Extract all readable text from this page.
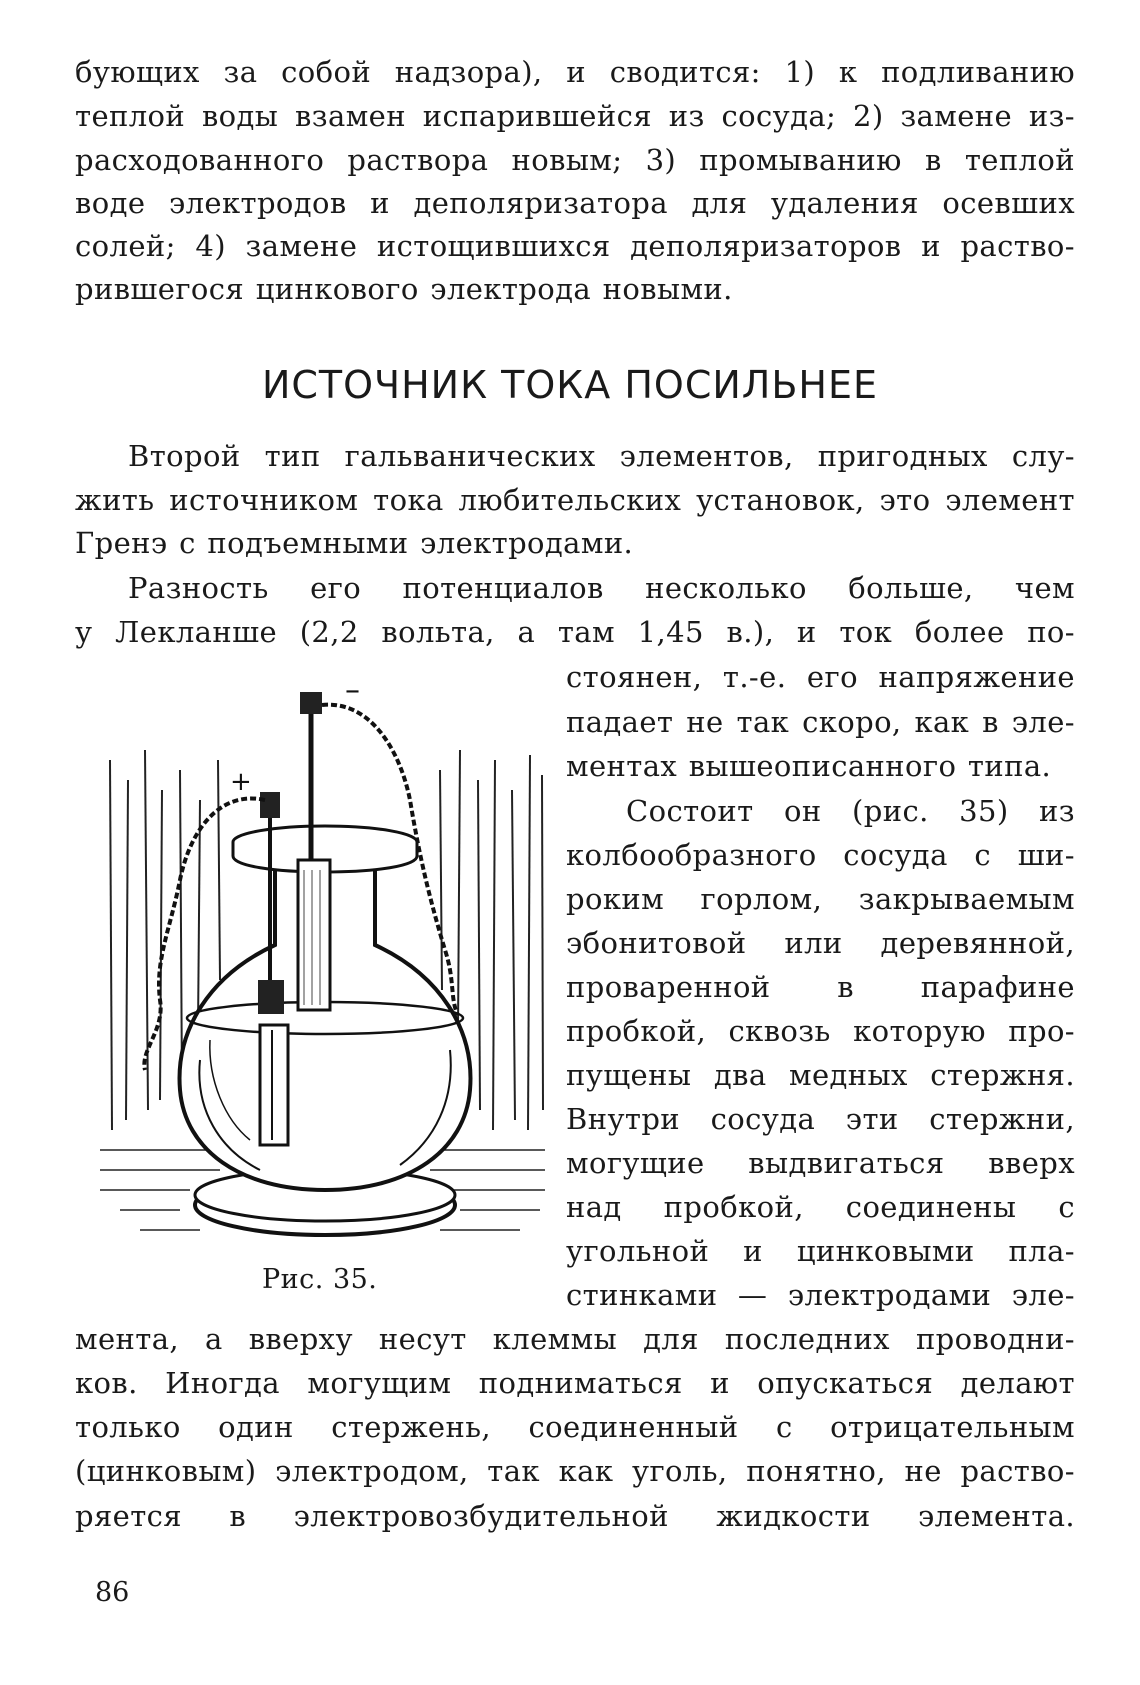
бующих за собой надзора), и сводится: 1) к подливанию
теплой воды взамен испарившейся из сосуда; 2) замене из-
расходованного раствора новым; 3) промыванию в теплой
воде электродов и деполяризатора для удаления осевших
солей; 4) замене истощившихся деполяризаторов и раство-
рившегося цинкового электрода новыми.
ИСТОЧНИК ТОКА ПОСИЛЬНЕЕ
Второй тип гальванических элементов, пригодных слу-
жить источником тока любительских установок, это элемент
Гренэ с подъемными электродами.
Разность его потенциалов несколько больше, чем
у Лекланше (2,2 вольта, а там 1,45 в.), и ток более по-
стоянен, т.-е. его напряжение
падает не так скоро, как в эле-
ментах вышеописанного типа.
Состоит он (рис. 35) из
колбообразного сосуда с ши-
роким горлом, закрываемым
эбонитовой или деревянной,
проваренной в парафине
пробкой, сквозь которую про-
пущены два медных стержня.
Внутри сосуда эти стержни,
могущие выдвигаться вверх
над пробкой, соединены с
угольной и цинковыми пла-
стинками — электродами эле-
мента, а вверху несут клеммы для последних проводни-
ков. Иногда могущим подниматься и опускаться делают
только один стержень, соединенный с отрицательным
(цинковым) электродом, так как уголь, понятно, не раство-
ряется в электровозбудительной жидкости элемента.
+
–
Рис. 35.
86
